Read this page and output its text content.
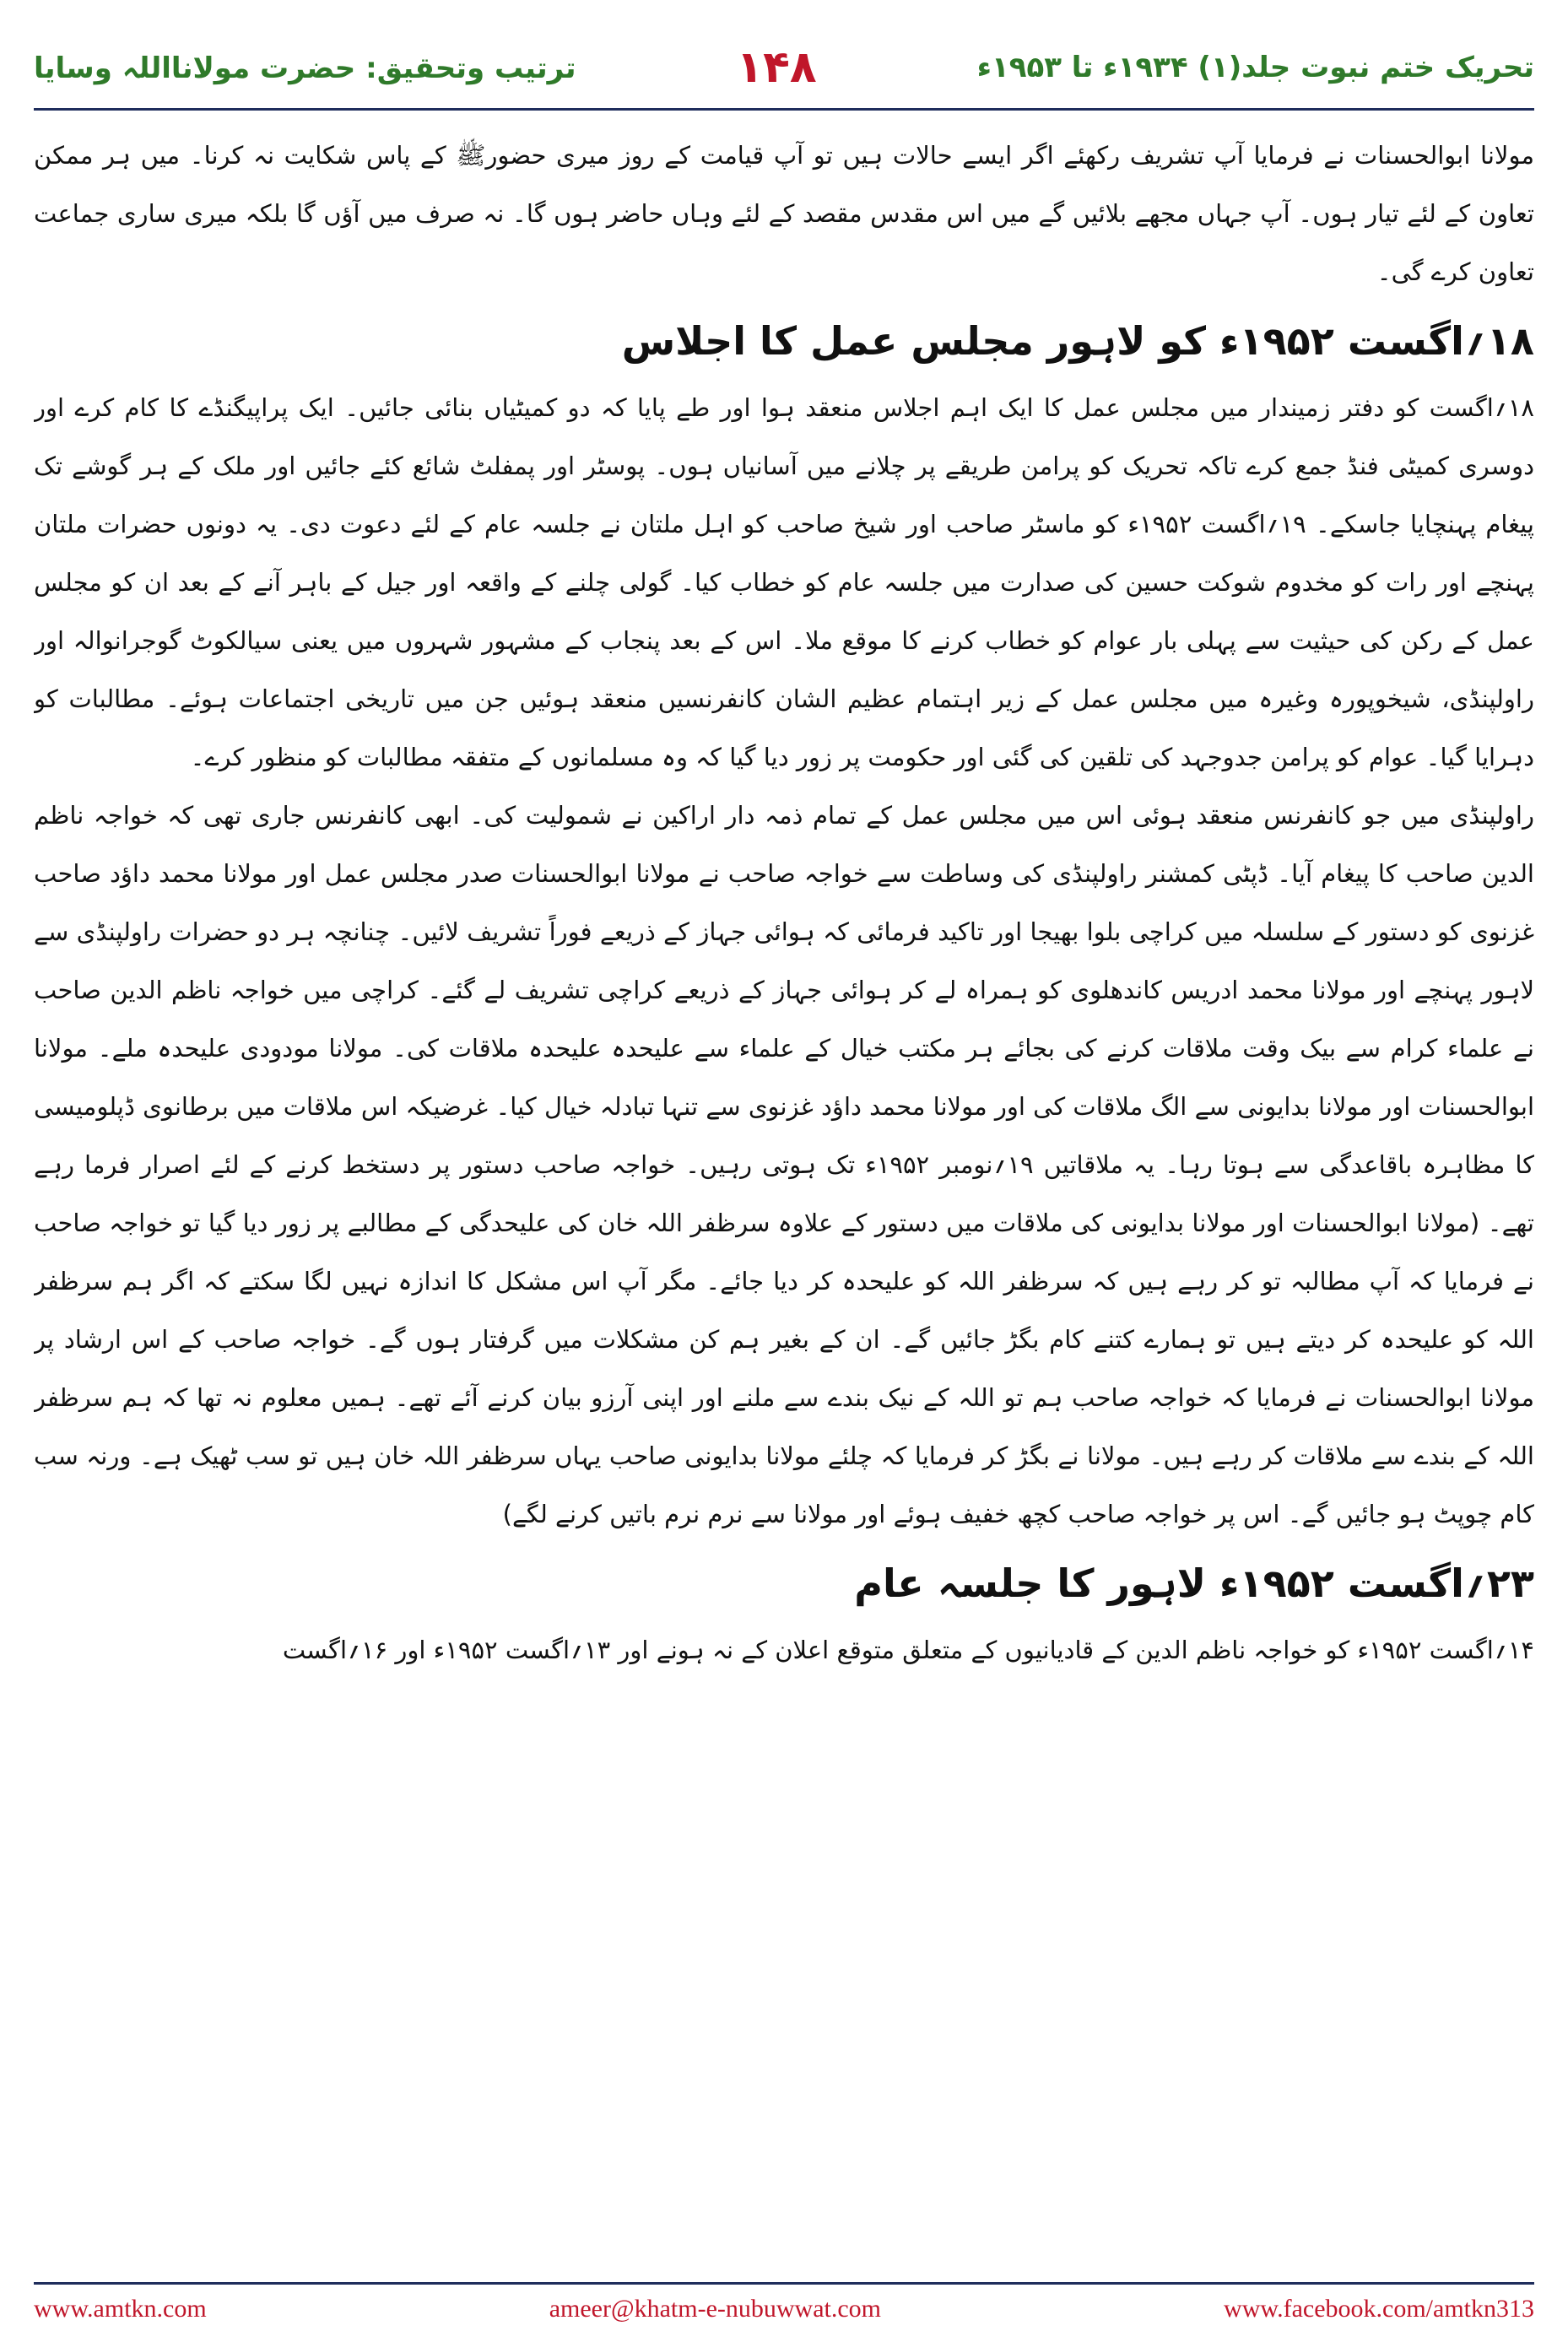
ترتیب وتحقیق: حضرت مولانااللہ وسایا	۱۴۸	تحریک ختم نبوت جلد(۱) ۱۹۳۴ء تا ۱۹۵۳ء

مولانا ابوالحسنات نے فرمایا آپ تشریف رکھئے اگر ایسے حالات ہیں تو آپ قیامت کے روز میری حضورﷺ کے پاس شکایت نہ کرنا۔ میں ہر ممکن تعاون کے لئے تیار ہوں۔ آپ جہاں مجھے بلائیں گے میں اس مقدس مقصد کے لئے وہاں حاضر ہوں گا۔ نہ صرف میں آؤں گا بلکہ میری ساری جماعت تعاون کرے گی۔

۱۸؍اگست ۱۹۵۲ء کو لاہور مجلس عمل کا اجلاس

۱۸؍اگست کو دفتر زمیندار میں مجلس عمل کا ایک اہم اجلاس منعقد ہوا اور طے پایا کہ دو کمیٹیاں بنائی جائیں۔ ایک پراپیگنڈے کا کام کرے اور دوسری کمیٹی فنڈ جمع کرے تاکہ تحریک کو پرامن طریقے پر چلانے میں آسانیاں ہوں۔ پوسٹر اور پمفلٹ شائع کئے جائیں اور ملک کے ہر گوشے تک پیغام پہنچایا جاسکے۔ ۱۹؍اگست ۱۹۵۲ء کو ماسٹر صاحب اور شیخ صاحب کو اہل ملتان نے جلسہ عام کے لئے دعوت دی۔ یہ دونوں حضرات ملتان پہنچے اور رات کو مخدوم شوکت حسین کی صدارت میں جلسہ عام کو خطاب کیا۔ گولی چلنے کے واقعہ اور جیل کے باہر آنے کے بعد ان کو مجلس عمل کے رکن کی حیثیت سے پہلی بار عوام کو خطاب کرنے کا موقع ملا۔ اس کے بعد پنجاب کے مشہور شہروں میں یعنی سیالکوٹ گوجرانوالہ اور راولپنڈی، شیخوپورہ وغیرہ میں مجلس عمل کے زیر اہتمام عظیم الشان کانفرنسیں منعقد ہوئیں جن میں تاریخی اجتماعات ہوئے۔ مطالبات کو دہرایا گیا۔ عوام کو پرامن جدوجہد کی تلقین کی گئی اور حکومت پر زور دیا گیا کہ وہ مسلمانوں کے متفقہ مطالبات کو منظور کرے۔

راولپنڈی میں جو کانفرنس منعقد ہوئی اس میں مجلس عمل کے تمام ذمہ دار اراکین نے شمولیت کی۔ ابھی کانفرنس جاری تھی کہ خواجہ ناظم الدین صاحب کا پیغام آیا۔ ڈپٹی کمشنر راولپنڈی کی وساطت سے خواجہ صاحب نے مولانا ابوالحسنات صدر مجلس عمل اور مولانا محمد داؤد صاحب غزنوی کو دستور کے سلسلہ میں کراچی بلوا بھیجا اور تاکید فرمائی کہ ہوائی جہاز کے ذریعے فوراً تشریف لائیں۔ چنانچہ ہر دو حضرات راولپنڈی سے لاہور پہنچے اور مولانا محمد ادریس کاندھلوی کو ہمراہ لے کر ہوائی جہاز کے ذریعے کراچی تشریف لے گئے۔ کراچی میں خواجہ ناظم الدین صاحب نے علماء کرام سے بیک وقت ملاقات کرنے کی بجائے ہر مکتب خیال کے علماء سے علیحدہ علیحدہ ملاقات کی۔ مولانا مودودی علیحدہ ملے۔ مولانا ابوالحسنات اور مولانا بدایونی سے الگ ملاقات کی اور مولانا محمد داؤد غزنوی سے تنہا تبادلہ خیال کیا۔ غرضیکہ اس ملاقات میں برطانوی ڈپلومیسی کا مظاہرہ باقاعدگی سے ہوتا رہا۔ یہ ملاقاتیں ۱۹؍نومبر ۱۹۵۲ء تک ہوتی رہیں۔ خواجہ صاحب دستور پر دستخط کرنے کے لئے اصرار فرما رہے تھے۔ (مولانا ابوالحسنات اور مولانا بدایونی کی ملاقات میں دستور کے علاوہ سرظفر اللہ خان کی علیحدگی کے مطالبے پر زور دیا گیا تو خواجہ صاحب نے فرمایا کہ آپ مطالبہ تو کر رہے ہیں کہ سرظفر اللہ کو علیحدہ کر دیا جائے۔ مگر آپ اس مشکل کا اندازہ نہیں لگا سکتے کہ اگر ہم سرظفر اللہ کو علیحدہ کر دیتے ہیں تو ہمارے کتنے کام بگڑ جائیں گے۔ ان کے بغیر ہم کن مشکلات میں گرفتار ہوں گے۔ خواجہ صاحب کے اس ارشاد پر مولانا ابوالحسنات نے فرمایا کہ خواجہ صاحب ہم تو اللہ کے نیک بندے سے ملنے اور اپنی آرزو بیان کرنے آئے تھے۔ ہمیں معلوم نہ تھا کہ ہم سرظفر اللہ کے بندے سے ملاقات کر رہے ہیں۔ مولانا نے بگڑ کر فرمایا کہ چلئے مولانا بدایونی صاحب یہاں سرظفر اللہ خان ہیں تو سب ٹھیک ہے۔ ورنہ سب کام چوپٹ ہو جائیں گے۔ اس پر خواجہ صاحب کچھ خفیف ہوئے اور مولانا سے نرم نرم باتیں کرنے لگے)

۲۳؍اگست ۱۹۵۲ء لاہور کا جلسہ عام

۱۴؍اگست ۱۹۵۲ء کو خواجہ ناظم الدین کے قادیانیوں کے متعلق متوقع اعلان کے نہ ہونے اور ۱۳؍اگست ۱۹۵۲ء اور ۱۶؍اگست

www.amtkn.com	ameer@khatm-e-nubuwwat.com	www.facebook.com/amtkn313
